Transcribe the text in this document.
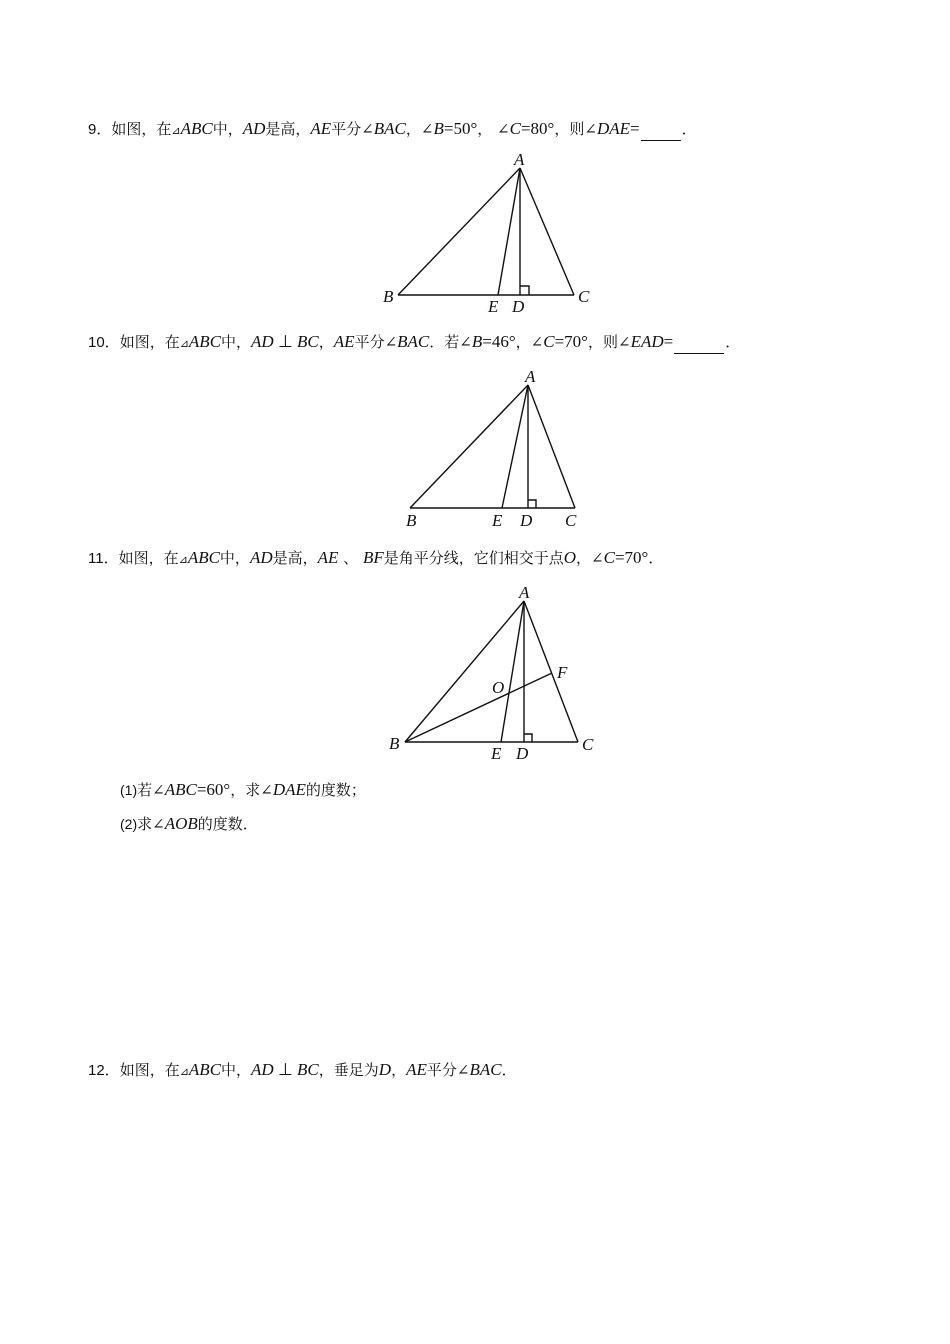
9．如图，在⊿ABC中，AD是高，AE平分∠BAC，∠B=50°， ∠C=80°，则∠DAE=	．
A
B	C
E D
10．如图，在⊿ABC中，AD ⊥ BC，AE平分∠BAC．若∠B=46°，∠C=70°，则∠EAD=	．
A
B	C
E D
11．如图，在⊿ABC中，AD是高，AE 、 BF是角平分线，它们相交于点O，∠C=70°．
A
B	C
E D
F
O
(1)若∠ABC=60°，求∠DAE的度数；
(2)求∠AOB的度数．
12．如图，在⊿ABC中，AD ⊥ BC，垂足为D，AE平分∠BAC．
